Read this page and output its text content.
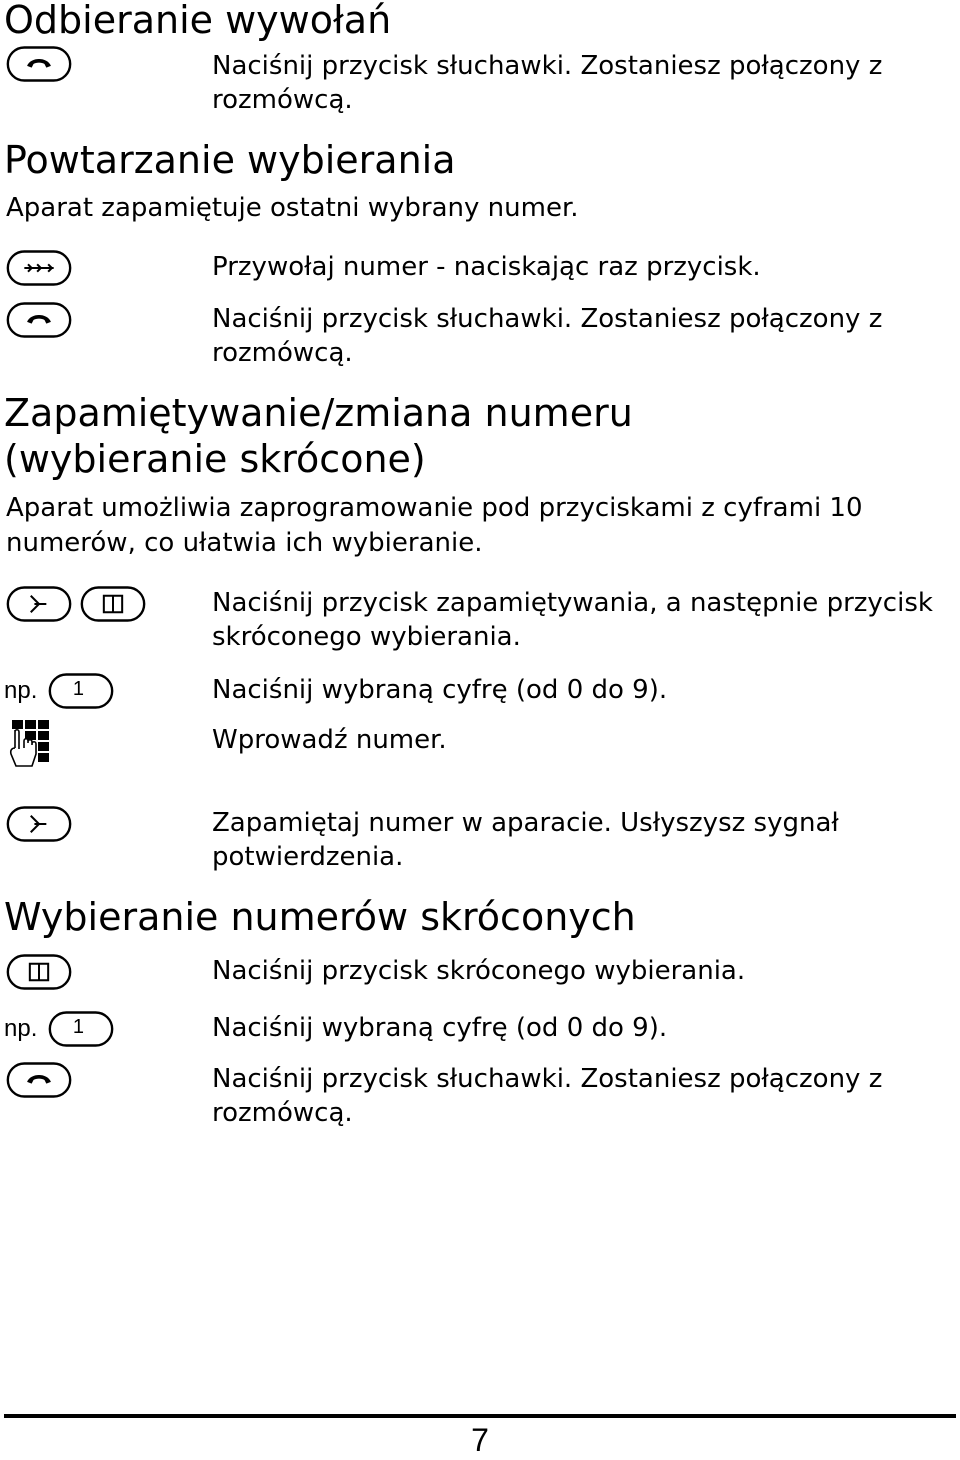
Odbieranie wywołań
Naciśnij przycisk słuchawki. Zostaniesz połączony z
rozmówcą.
Powtarzanie wybierania
Aparat zapamiętuje ostatni wybrany numer.
Przywołaj numer - naciskając raz przycisk.
Naciśnij przycisk słuchawki. Zostaniesz połączony z
rozmówcą.
Zapamiętywanie/zmiana numeru
(wybieranie skrócone)
Aparat umożliwia zaprogramowanie pod przyciskami z cyframi 10
numerów, co ułatwia ich wybieranie.
Naciśnij przycisk zapamiętywania, a następnie przycisk
skróconego wybierania.
np.	1	Naciśnij wybraną cyfrę (od 0 do 9).
Wprowadź numer.
Zapamiętaj numer w aparacie. Usłyszysz sygnał
potwierdzenia.
Wybieranie numerów skróconych
Naciśnij przycisk skróconego wybierania.
np.	1	Naciśnij wybraną cyfrę (od 0 do 9).
Naciśnij przycisk słuchawki. Zostaniesz połączony z
rozmówcą.
7
